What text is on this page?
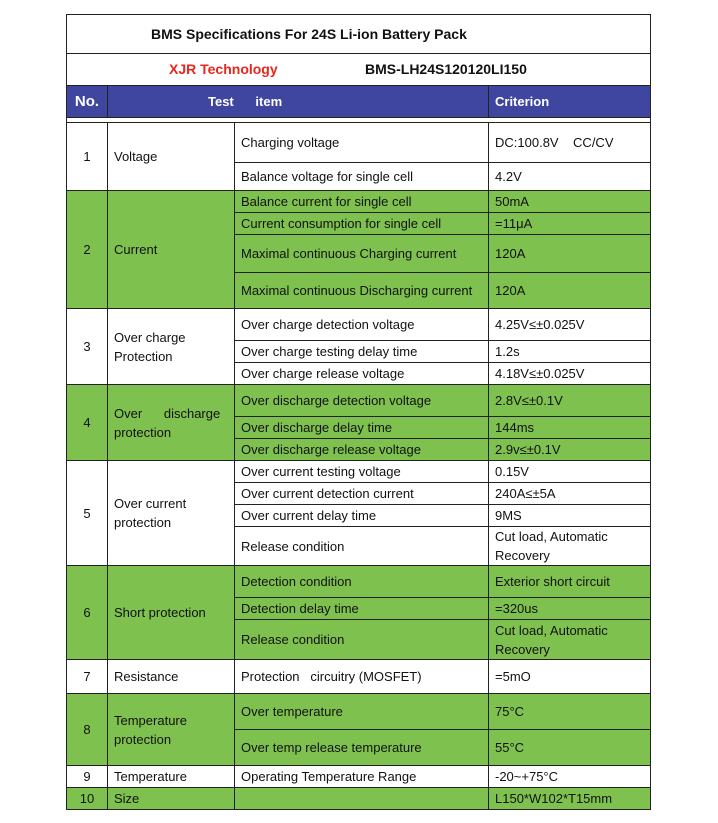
BMS Specifications For 24S Li-ion Battery Pack			
XJR Technology BMS-LH24S120120LI150			
No.	Test      item		Criterion

1	Voltage	Charging voltage	DC:100.8V    CC/CV
		Balance voltage for single cell	4.2V
2	Current	Balance current for single cell	50mA
		Current consumption for single cell	=11μA
		Maximal continuous Charging current	120A
		Maximal continuous Discharging current	120A
3	Over charge Protection	Over charge detection voltage	4.25V≤±0.025V
		Over charge testing delay time	1.2s
		Over charge release voltage	4.18V≤±0.025V
4	Over      discharge protection	Over discharge detection voltage	2.8V≤±0.1V
		Over discharge delay time	144ms
		Over discharge release voltage	2.9v≤±0.1V
5	Over current protection	Over current testing voltage	0.15V
		Over current detection current	240A≤±5A
		Over current delay time	9MS
		Release condition	Cut load, Automatic Recovery
6	Short protection	Detection condition	Exterior short circuit
		Detection delay time	=320us
		Release condition	Cut load, Automatic Recovery
7	Resistance	Protection   circuitry (MOSFET)	=5mO
8	Temperature protection	Over temperature	75°C
		Over temp release temperature	55°C
9	Temperature	Operating Temperature Range	-20~+75°C
10	Size		L150*W102*T15mm
